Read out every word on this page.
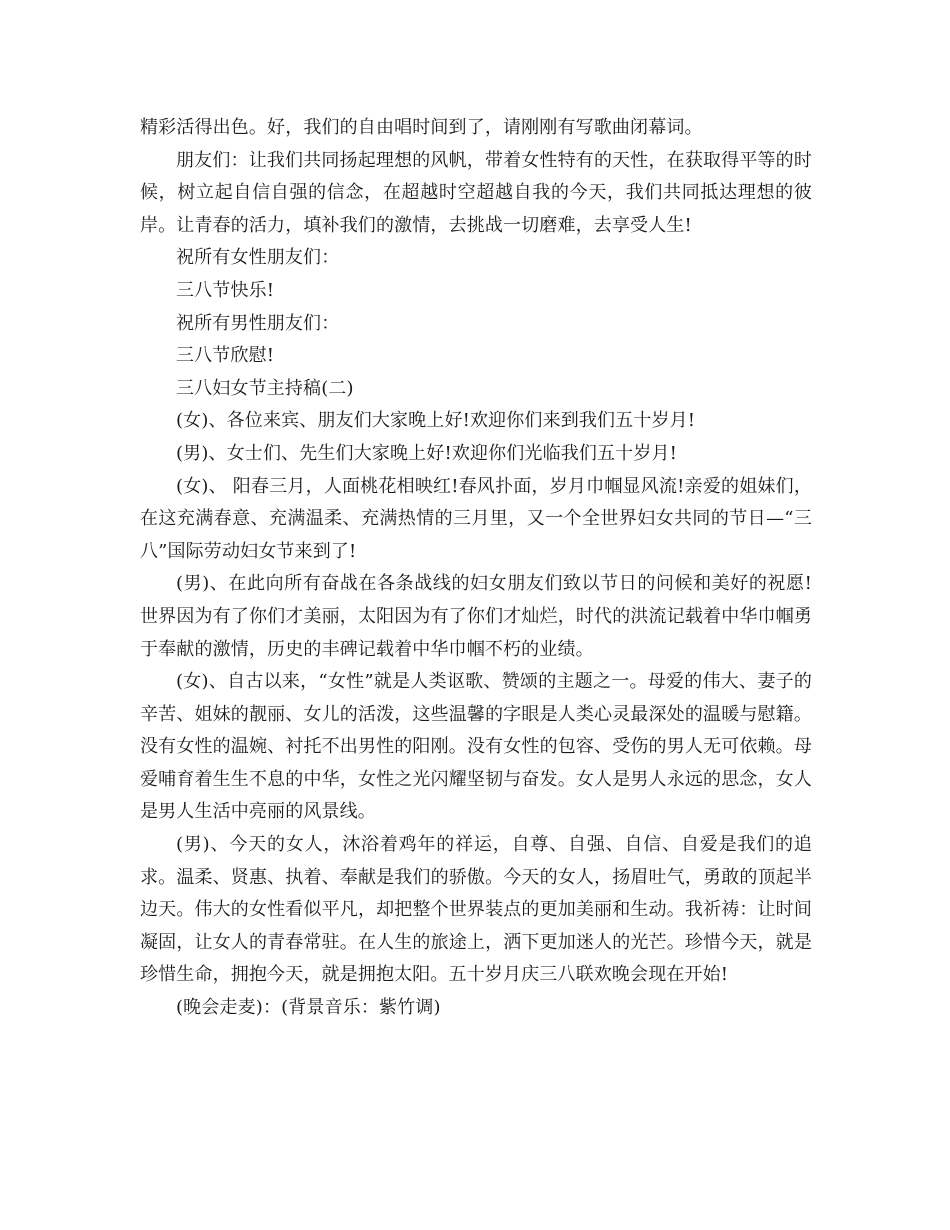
精彩活得出色。好，我们的自由唱时间到了，请刚刚有写歌曲闭幕词。

朋友们：让我们共同扬起理想的风帆，带着女性特有的天性，在获取得平等的时候，树立起自信自强的信念，在超越时空超越自我的今天，我们共同抵达理想的彼岸。让青春的活力，填补我们的激情，去挑战一切磨难，去享受人生!

祝所有女性朋友们：

三八节快乐!

祝所有男性朋友们：

三八节欣慰!

三八妇女节主持稿(二)

(女)、各位来宾、朋友们大家晚上好!欢迎你们来到我们五十岁月!

(男)、女士们、先生们大家晚上好!欢迎你们光临我们五十岁月!

(女)、 阳春三月，人面桃花相映红!春风扑面，岁月巾帼显风流!亲爱的姐妹们，在这充满春意、充满温柔、充满热情的三月里，又一个全世界妇女共同的节日—“三八”国际劳动妇女节来到了!

(男)、在此向所有奋战在各条战线的妇女朋友们致以节日的问候和美好的祝愿!世界因为有了你们才美丽，太阳因为有了你们才灿烂，时代的洪流记载着中华巾帼勇于奉献的激情，历史的丰碑记载着中华巾帼不朽的业绩。

(女)、自古以来，“女性”就是人类讴歌、赞颂的主题之一。母爱的伟大、妻子的辛苦、姐妹的靓丽、女儿的活泼，这些温馨的字眼是人类心灵最深处的温暖与慰籍。没有女性的温婉、衬托不出男性的阳刚。没有女性的包容、受伤的男人无可依赖。母爱哺育着生生不息的中华，女性之光闪耀坚韧与奋发。女人是男人永远的思念，女人是男人生活中亮丽的风景线。

(男)、今天的女人，沐浴着鸡年的祥运，自尊、自强、自信、自爱是我们的追求。温柔、贤惠、执着、奉献是我们的骄傲。今天的女人，扬眉吐气，勇敢的顶起半边天。伟大的女性看似平凡，却把整个世界装点的更加美丽和生动。我祈祷：让时间凝固，让女人的青春常驻。在人生的旅途上，洒下更加迷人的光芒。珍惜今天，就是珍惜生命，拥抱今天，就是拥抱太阳。五十岁月庆三八联欢晚会现在开始!

(晚会走麦)：(背景音乐：紫竹调)
